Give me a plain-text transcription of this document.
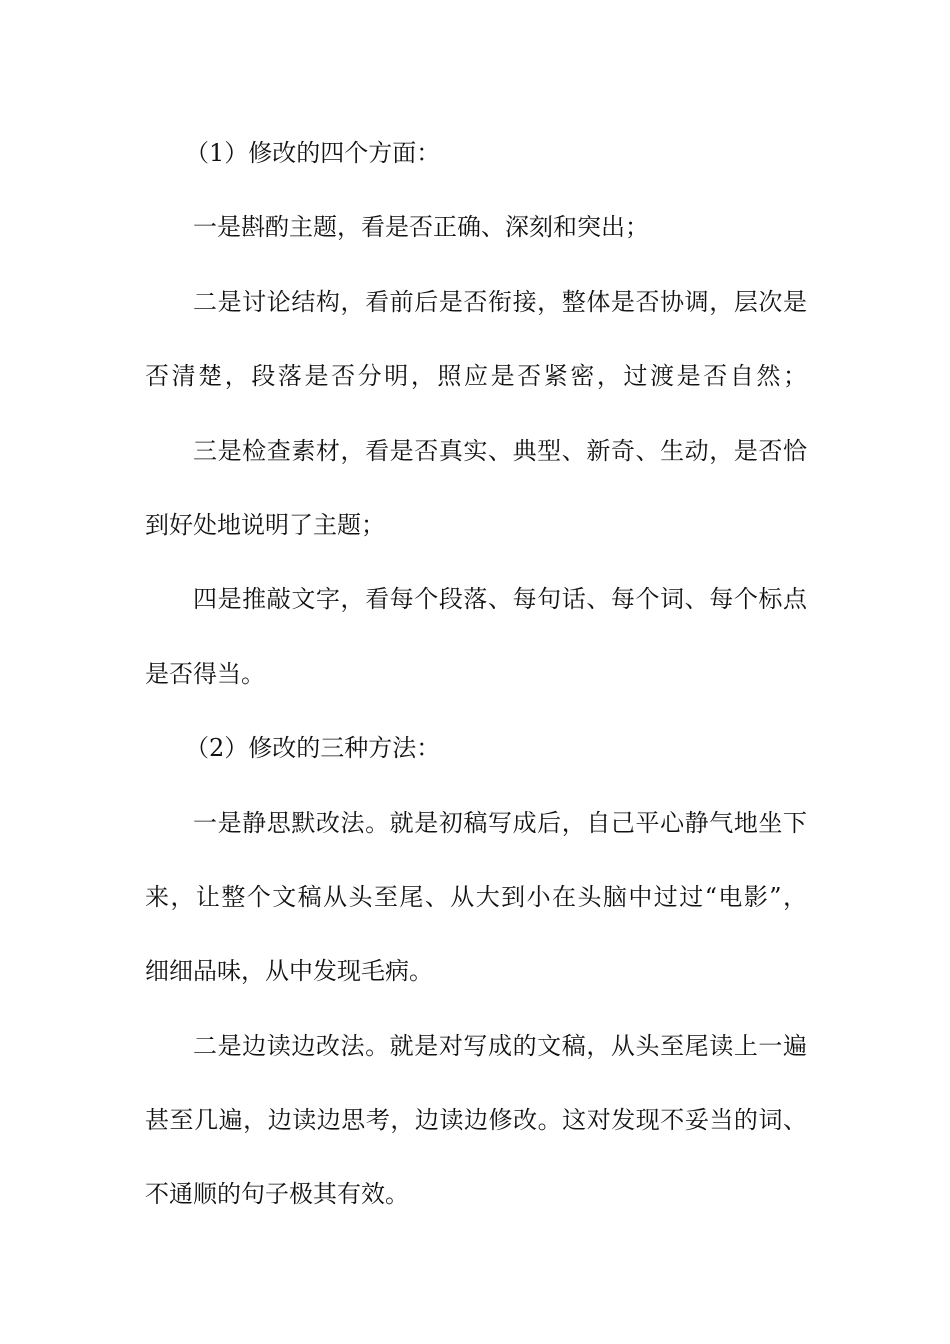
（1）修改的四个方面：
一是斟酌主题，看是否正确、深刻和突出；
二是讨论结构，看前后是否衔接，整体是否协调，层次是
否清楚，段落是否分明，照应是否紧密，过渡是否自然；
三是检查素材，看是否真实、典型、新奇、生动，是否恰
到好处地说明了主题；
四是推敲文字，看每个段落、每句话、每个词、每个标点
是否得当。
（2）修改的三种方法：
一是静思默改法。就是初稿写成后，自己平心静气地坐下
来，让整个文稿从头至尾、从大到小在头脑中过过“电影”，
细细品味，从中发现毛病。
二是边读边改法。就是对写成的文稿，从头至尾读上一遍
甚至几遍，边读边思考，边读边修改。这对发现不妥当的词、
不通顺的句子极其有效。
